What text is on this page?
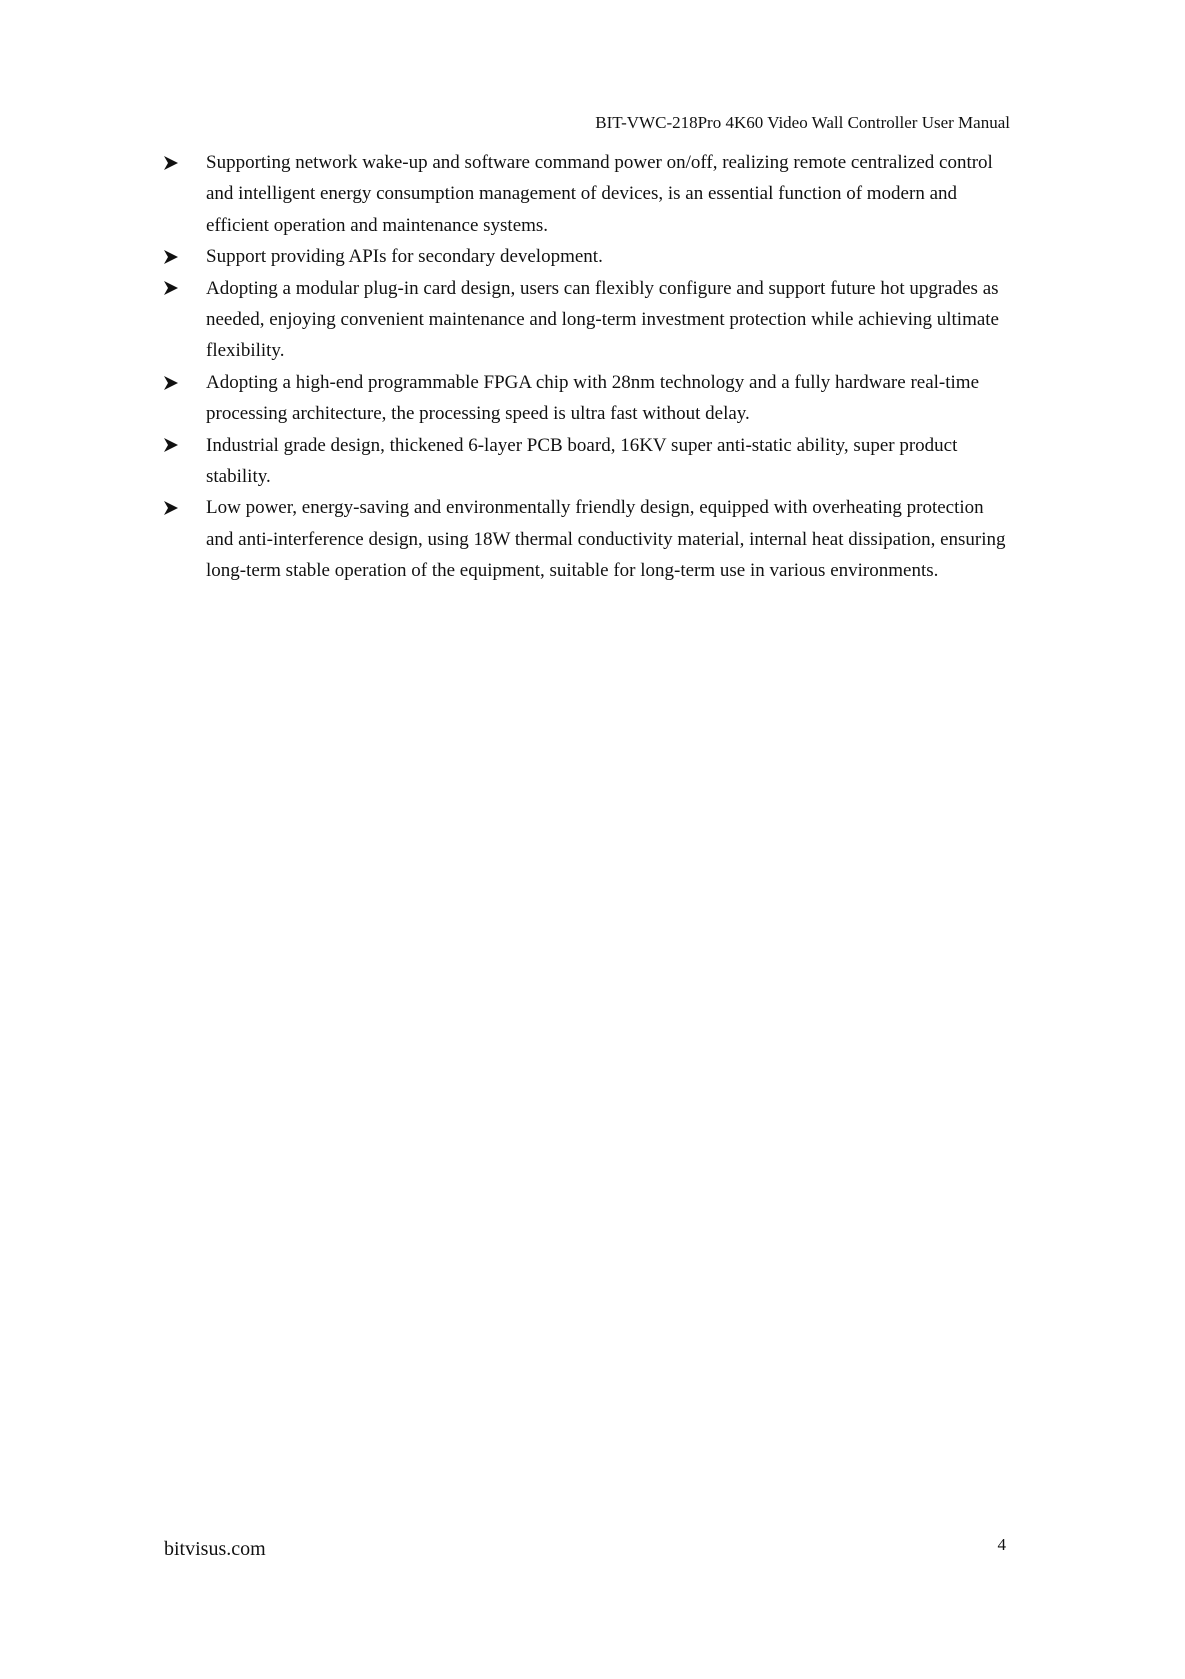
BIT-VWC-218Pro 4K60 Video Wall Controller User Manual
Supporting network wake-up and software command power on/off, realizing remote centralized control and intelligent energy consumption management of devices, is an essential function of modern and efficient operation and maintenance systems.
Support providing APIs for secondary development.
Adopting a modular plug-in card design, users can flexibly configure and support future hot upgrades as needed, enjoying convenient maintenance and long-term investment protection while achieving ultimate flexibility.
Adopting a high-end programmable FPGA chip with 28nm technology and a fully hardware real-time processing architecture, the processing speed is ultra fast without delay.
Industrial grade design, thickened 6-layer PCB board, 16KV super anti-static ability, super product stability.
Low power, energy-saving and environmentally friendly design, equipped with overheating protection and anti-interference design, using 18W thermal conductivity material, internal heat dissipation, ensuring long-term stable operation of the equipment, suitable for long-term use in various environments.
bitvisus.com	4
